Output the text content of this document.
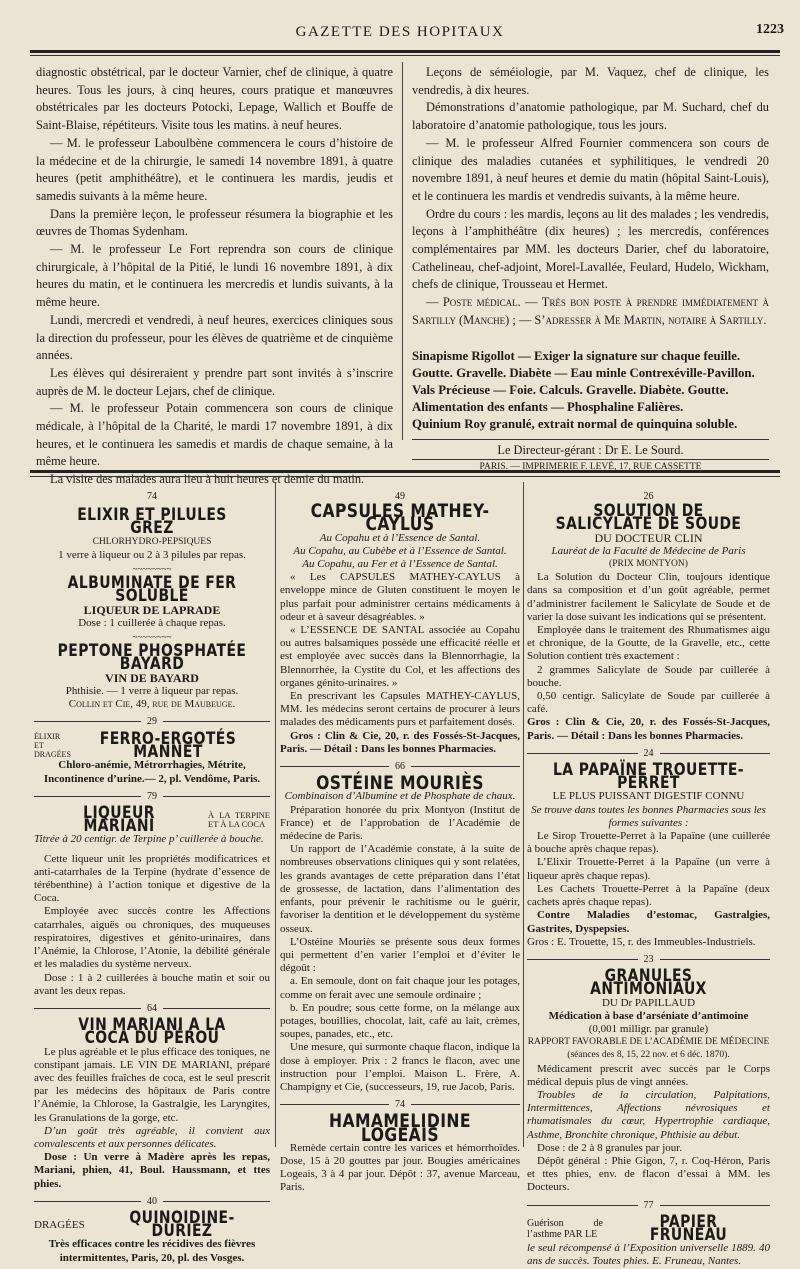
GAZETTE DES HOPITAUX	1223

diagnostic obstétrical, par le docteur Varnier, chef de clinique, à quatre heures. Tous les jours, à cinq heures, cours pratique et manœuvres obstétricales par les docteurs Potocki, Lepage, Wallich et Bouffe de Saint-Blaise, répétiteurs. Visite tous les matins. à neuf heures.

— M. le professeur Laboulbène commencera le cours d’histoire de la médecine et de la chirurgie, le samedi 14 novembre 1891, à quatre heures (petit amphithéâtre), et le continuera les mardis, jeudis et samedis suivants à la même heure.

Dans la première leçon, le professeur résumera la biographie et les œuvres de Thomas Sydenham.

— M. le professeur Le Fort reprendra son cours de clinique chirurgicale, à l’hôpital de la Pitié, le lundi 16 novembre 1891, à dix heures du matin, et le continuera les mercredis et lundis suivants, à la même heure.

Lundi, mercredi et vendredi, à neuf heures, exercices cliniques sous la direction du professeur, pour les élèves de quatrième et de cinquième années.

Les élèves qui désireraient y prendre part sont invités à s’inscrire auprès de M. le docteur Lejars, chef de clinique.

— M. le professeur Potain commencera son cours de clinique médicale, à l’hôpital de la Charité, le mardi 17 novembre 1891, à dix heures, et le continuera les samedis et mardis de chaque semaine, à la même heure.

La visite des malades aura lieu à huit heures et demie du matin.

Leçons de séméiologie, par M. Vaquez, chef de clinique, les vendredis, à dix heures.

Démonstrations d’anatomie pathologique, par M. Suchard, chef du laboratoire d’anatomie pathologique, tous les jours.

— M. le professeur Alfred Fournier commencera son cours de clinique des maladies cutanées et syphilitiques, le vendredi 20 novembre 1891, à neuf heures et demie du matin (hôpital Saint-Louis), et le continuera les mardis et vendredis suivants, à la même heure.

Ordre du cours : les mardis, leçons au lit des malades ; les vendredis, leçons à l’amphithéâtre (dix heures) ; les mercredis, conférences complémentaires par MM. les docteurs Darier, chef du laboratoire, Cathelineau, chef-adjoint, Morel-Lavallée, Feulard, Hudelo, Wickham, chefs de clinique, Trousseau et Hermet.

— Poste médical. — Très bon poste à prendre immédiatement à Sartilly (Manche) ; — S’adresser à Me Martin, notaire à Sartilly.

Sinapisme Rigollot — Exiger la signature sur chaque feuille.

Goutte. Gravelle. Diabète — Eau minle Contrexéville-Pavillon.

Vals Précieuse — Foie. Calculs. Gravelle. Diabète. Goutte.

Alimentation des enfants — Phosphaline Falières.

Quinium Roy granulé, extrait normal de quinquina soluble.

Le Directeur-gérant : Dr E. Le Sourd.

PARIS. — IMPRIMERIE F. LEVÉ, 17, RUE CASSETTE

74
ELIXIR ET PILULES GREZ
CHLORHYDRO-PEPSIQUES
1 verre à liqueur ou 2 à 3 pilules par repas.
~~~~~~~~
ALBUMINATE DE FER SOLUBLE
LIQUEUR DE LAPRADE
Dose : 1 cuillerée à chaque repas.
~~~~~~~~
PEPTONE PHOSPHATÉE BAYARD
VIN DE BAYARD
Phthisie. — 1 verre à liqueur par repas.
Collin et Cie, 49, rue de Maubeuge.
29
ÉLIXIR ET DRAGÉES
FERRO-ERGOTÉS MANNET
Chloro-anémie, Métrorrhagies, Métrite, Incontinence d’urine.— 2, pl. Vendôme, Paris.
79
LIQUEUR MARIANI
À LA TERPINE ET À LA COCA
Titrée à 20 centigr. de Terpine p’ cuillerée à bouche.

Cette liqueur unit les propriétés modificatrices et anti-catarrhales de la Terpine (hydrate d’essence de térébenthine) à l’action tonique et digestive de la Coca.

Employée avec succès contre les Affections catarrhales, aiguës ou chroniques, des muqueuses respiratoires, digestives et génito-urinaires, dans l’Anémie, la Chlorose, l’Atonie, la débilité générale et les maladies du système nerveux.

Dose : 1 à 2 cuillerées à bouche matin et soir ou avant les deux repas.

64
VIN MARIANI A LA COCA DU PÉROU

Le plus agréable et le plus efficace des toniques, ne constipant jamais. LE VIN DE MARIANI, préparé avec des feuilles fraîches de coca, est le seul prescrit par les médecins des hôpitaux de Paris contre l’Anémie, la Chlorose, la Gastralgie, les Laryngites, les Granulations de la gorge, etc.

D’un goût très agréable, il convient aux convalescents et aux personnes délicates.

Dose : Un verre à Madère après les repas, Mariani, phien, 41, Boul. Haussmann, et ttes phies.

40
DRAGÉES	QUINOIDINE-DURIEZ
Très efficaces contre les récidives des fièvres intermittentes, Paris, 20, pl. des Vosges.
49
CAPSULES MATHEY-CAYLUS
Au Copahu et à l’Essence de Santal.
Au Copahu, au Cubèbe et à l’Essence de Santal.
Au Copahu, au Fer et à l’Essence de Santal.

« Les CAPSULES MATHEY-CAYLUS à enveloppe mince de Gluten constituent le moyen le plus parfait pour administrer certains médicaments à odeur et à saveur désagréables. »

« L’ESSENCE DE SANTAL associée au Copahu ou autres balsamiques possède une efficacité réelle et est employée avec succès dans la Blennorrhagie, la Blennorrhée, la Cystite du Col, et les affections des organes génito-urinaires. »

En prescrivant les Capsules MATHEY-CAYLUS, MM. les médecins seront certains de procurer à leurs malades des médicaments purs et parfaitement dosés.

Gros : Clin & Cie, 20, r. des Fossés-St-Jacques, Paris. — Détail : Dans les bonnes Pharmacies.

66
OSTÉINE MOURIÈS
Combinaison d’Albumine et de Phosphate de chaux.

Préparation honorée du prix Montyon (Institut de France) et de l’approbation de l’Académie de médecine de Paris.

Un rapport de l’Académie constate, à la suite de nombreuses observations cliniques qui y sont relatées, les grands avantages de cette préparation dans l’état de grossesse, de lactation, dans l’alimentation des enfants, pour prévenir le rachitisme ou le guérir, favoriser la dentition et le développement du système osseux.

L’Ostéine Mouriès se présente sous deux formes qui permettent d’en varier l’emploi et d’éviter le dégoût :

a. En semoule, dont on fait chaque jour les potages, comme on ferait avec une semoule ordinaire ;

b. En poudre; sous cette forme, on la mélange aux potages, bouillies, chocolat, lait, café au lait, crèmes, soupes, panades, etc., etc.

Une mesure, qui surmonte chaque flacon, indique la dose à employer. Prix : 2 francs le flacon, avec une instruction pour l’emploi. Maison L. Frère, A. Champigny et Cie, (successeurs, 19, rue Jacob, Paris.

74
HAMAMELIDINE LOGEAIS

Remède certain contre les varices et hémorrhoïdes. Dose, 15 à 20 gouttes par jour. Bougies américaines Logeais, 3 à 4 par jour. Dépôt : 37, avenue Marceau, Paris.

26
SOLUTION DE SALICYLATE DE SOUDE
DU DOCTEUR CLIN
Lauréat de la Faculté de Médecine de Paris
(PRIX MONTYON)

La Solution du Docteur Clin, toujours identique dans sa composition et d’un goût agréable, permet d’administrer facilement le Salicylate de Soude et de varier la dose suivant les indications qui se présentent.

Employée dans le traitement des Rhumatismes aigu et chronique, de la Goutte, de la Gravelle, etc., cette Solution contient très exactement :

2 grammes Salicylate de Soude par cuillerée à bouche.

0,50 centigr. Salicylate de Soude par cuillerée à café.

Gros : Clin & Cie, 20, r. des Fossés-St-Jacques, Paris. — Détail : Dans les bonnes Pharmacies.

24
LA PAPAÏNE TROUETTE-PERRET
LE PLUS PUISSANT DIGESTIF CONNU
Se trouve dans toutes les bonnes Pharmacies sous les formes suivantes :

Le Sirop Trouette-Perret à la Papaïne (une cuillerée à bouche après chaque repas).

L’Elixir Trouette-Perret à la Papaïne (un verre à liqueur après chaque repas).

Les Cachets Trouette-Perret à la Papaïne (deux cachets après chaque repas).

Contre Maladies d’estomac, Gastralgies, Gastrites, Dyspepsies.

Gros : E. Trouette, 15, r. des Immeubles-Industriels.

23
GRANULES ANTIMONIAUX
DU Dr PAPILLAUD
Médication à base d’arséniate d’antimoine
(0,001 milligr. par granule)
RAPPORT FAVORABLE DE L’ACADÉMIE DE MÉDECINE (séances des 8, 15, 22 nov. et 6 déc. 1870).

Médicament prescrit avec succès par le Corps médical depuis plus de vingt années.

Troubles de la circulation, Palpitations, Intermittences, Affections névrosiques et rhumatismales du cœur, Hypertrophie cardiaque, Asthme, Bronchite chronique, Phthisie au début.

Dose : de 2 à 8 granules par jour.

Dépôt général : Phie Gigon, 7, r. Coq-Héron, Paris et ttes phies, env. de flacon d’essai à MM. les Docteurs.

77
Guérison de l’asthme PAR LE
PAPIER FRUNEAU

le seul récompensé à l’Exposition universelle 1889. 40 ans de succès. Toutes phies. E. Fruneau, Nantes.
